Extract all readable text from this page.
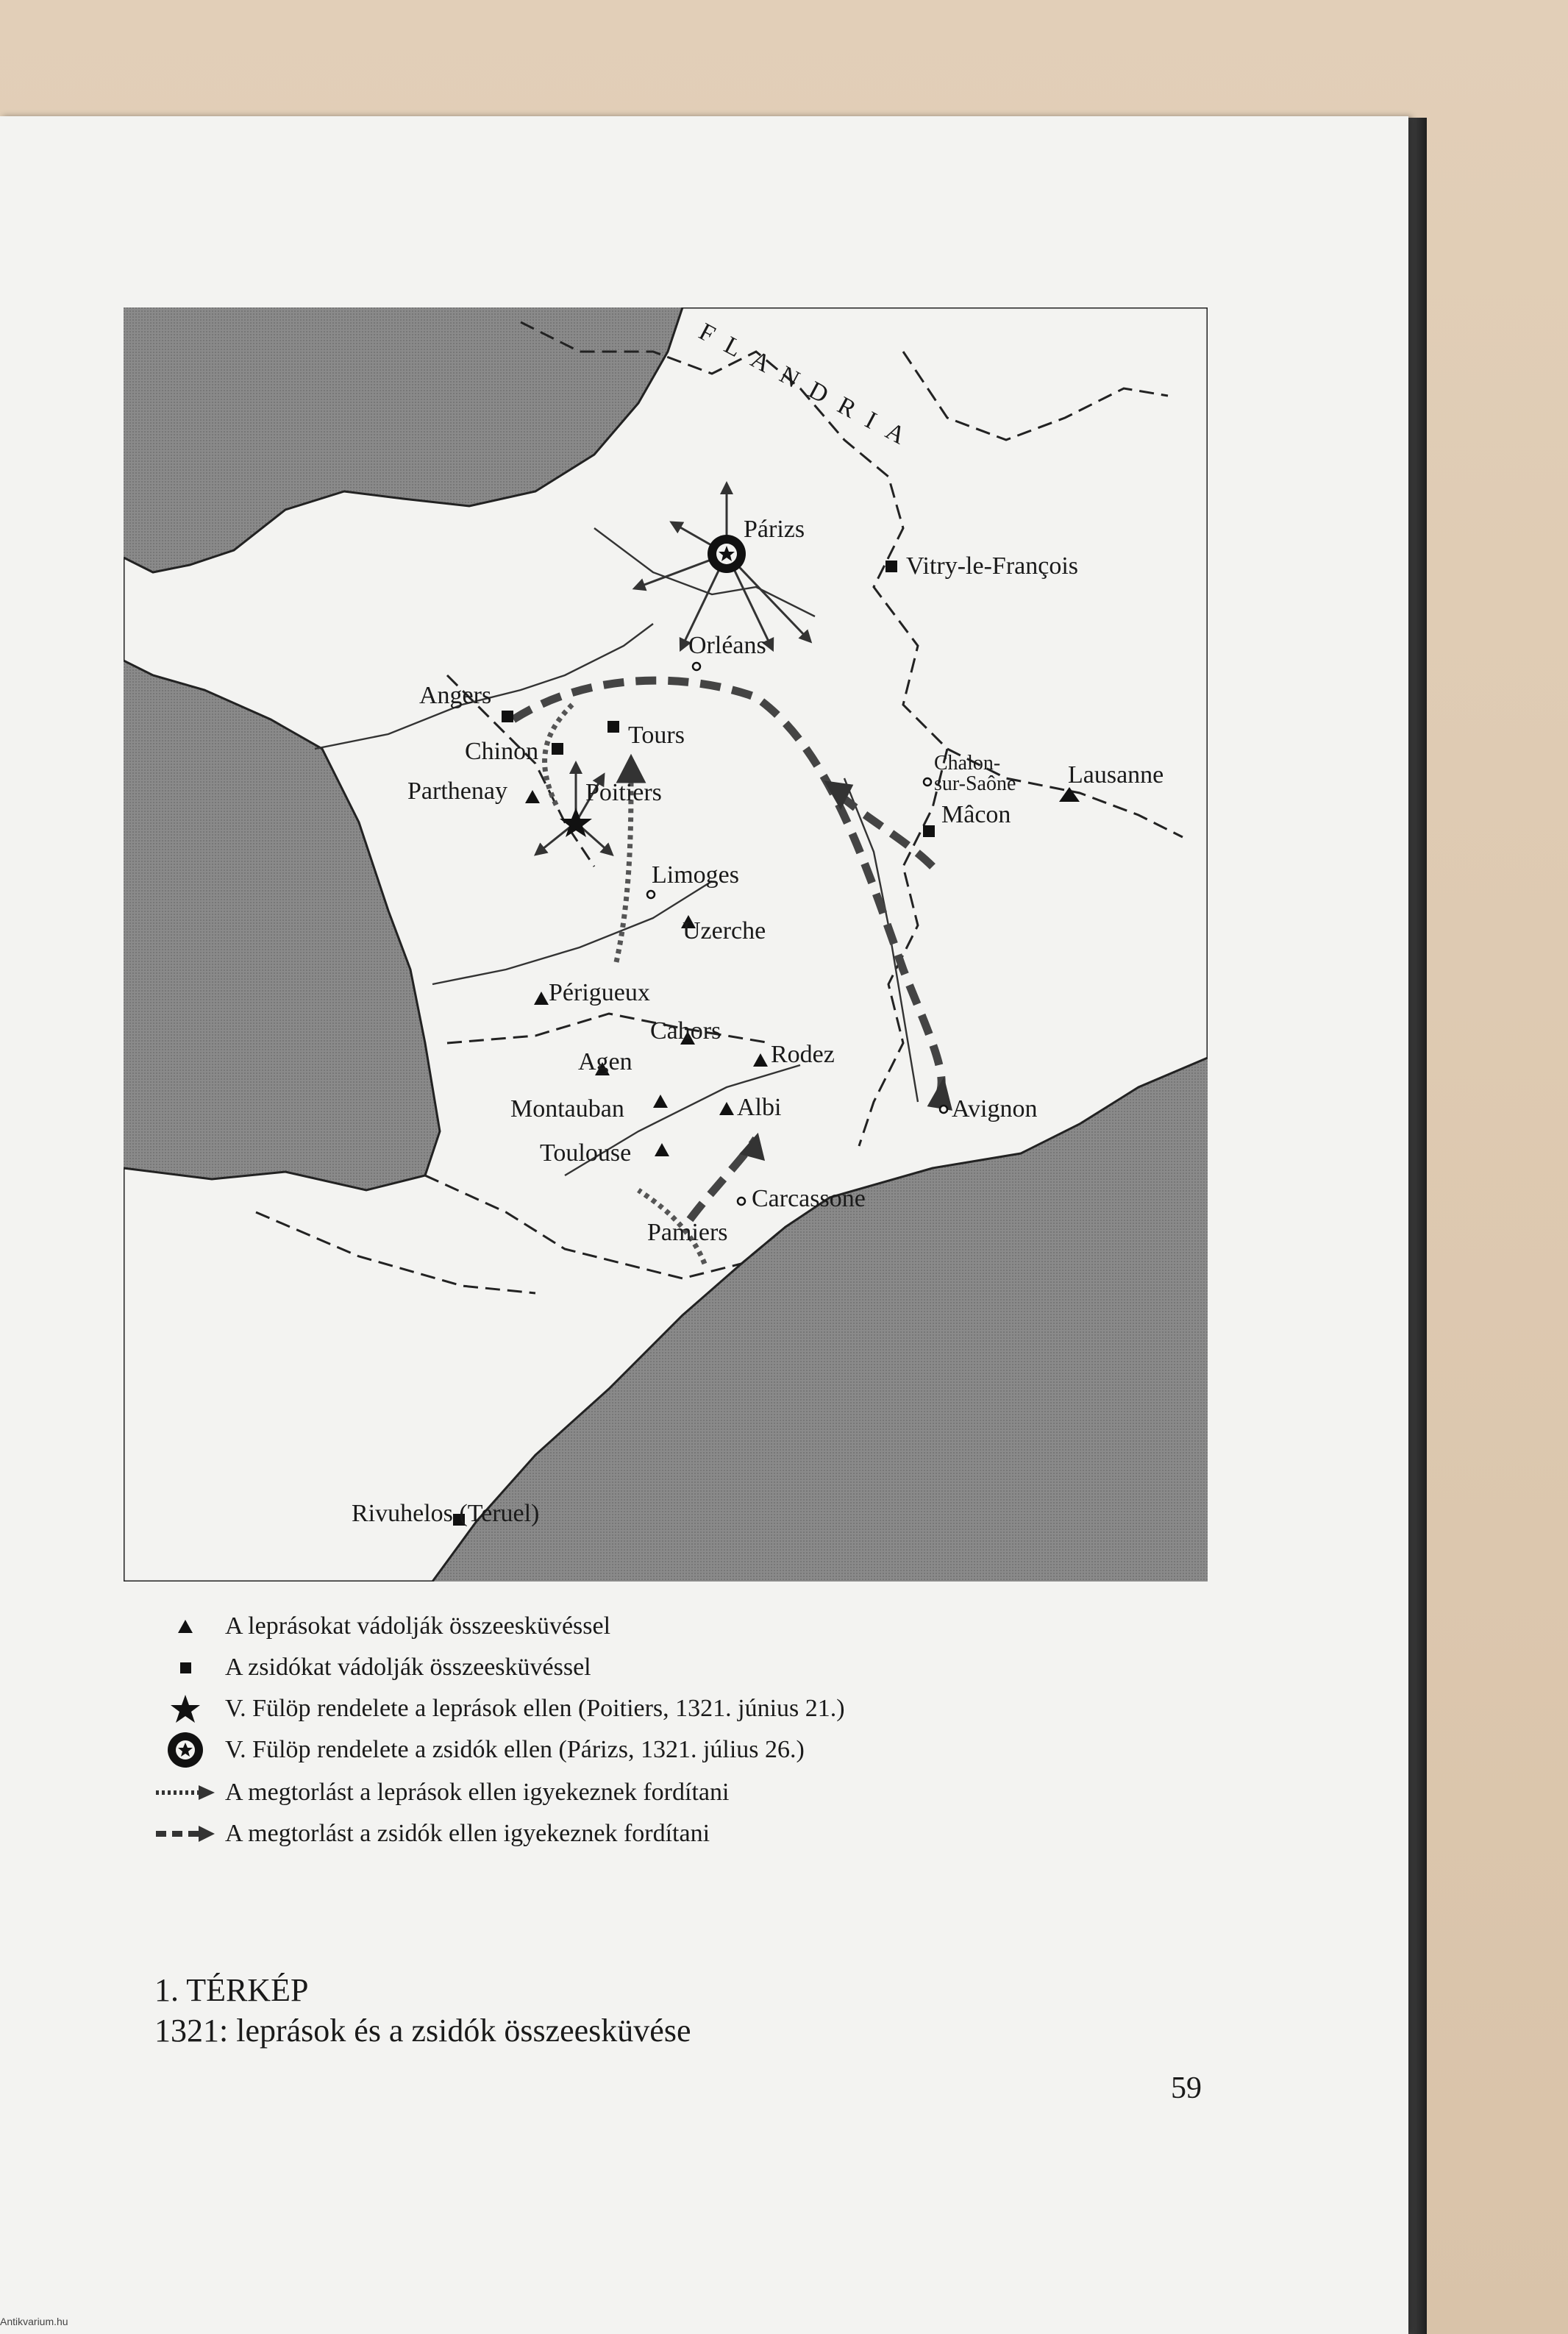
FLANDRIA
Párizs
Vitry-le-François
Orléans
Angers
Tours
Chinon
Parthenay	Poitiers
Chalon-
sur-Saône Lausanne
Mâcon
Limoges
Uzerche
Périgueux
Cahors
Agen	Rodez
Montauban	Albi	Avignon
Toulouse
Carcassone
Pamiers
Rivuhelos (Teruel)
A leprásokat vádolják összeesküvéssel
A zsidókat vádolják összeesküvéssel
V. Fülöp rendelete a leprások ellen (Poitiers, 1321. június 21.)
V. Fülöp rendelete a zsidók ellen (Párizs, 1321. július 26.)
A megtorlást a leprások ellen igyekeznek fordítani
A megtorlást a zsidók ellen igyekeznek fordítani
1. TÉRKÉP
1321: leprások és a zsidók összeesküvése
59
Antikvarium.hu
